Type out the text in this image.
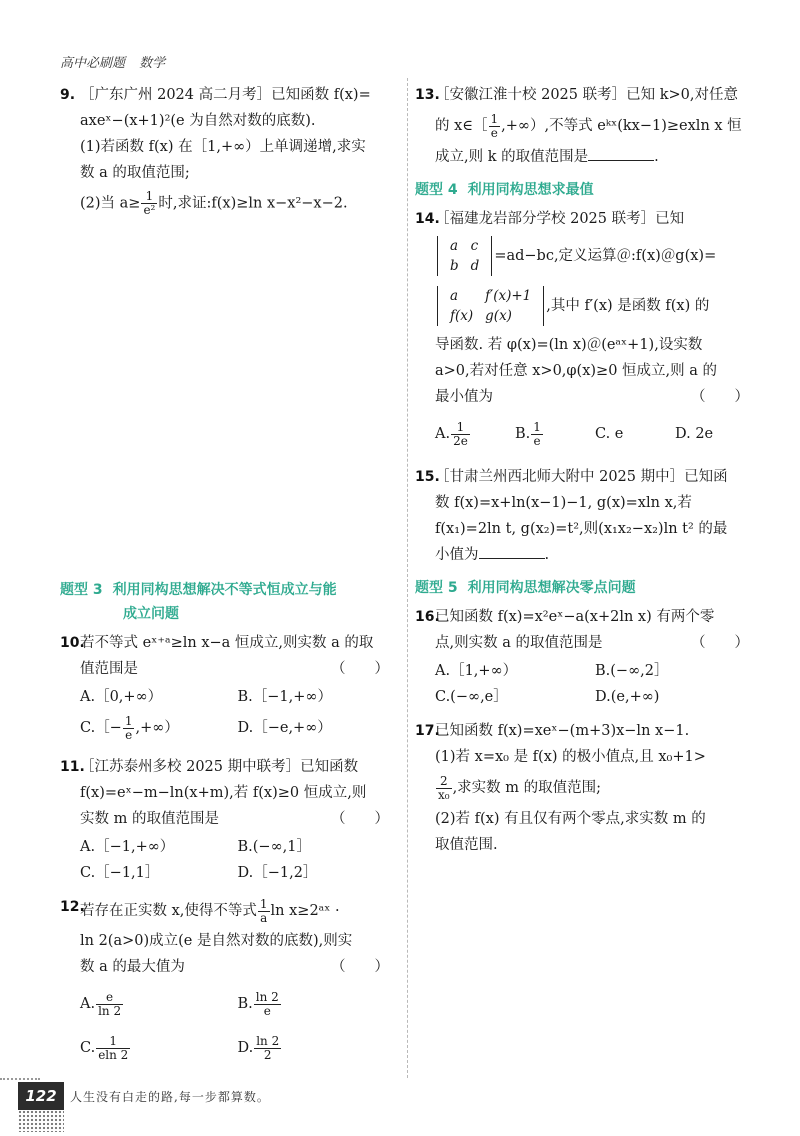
高中必刷题 数学
9. ［广东广州 2024 高二月考］已知函数 f(x)=
axeˣ−(x+1)²(e 为自然对数的底数).
(1)若函数 f(x) 在［1,+∞）上单调递增,求实
数 a 的取值范围;
(2)当 $a\ge \frac{1}{\text{e²}}$ 时,求证:f(x)≥ln x−x²−x−2.
题型 3 利用同构思想解决不等式恒成立与能
成立问题
10.
若不等式 eˣ⁺ᵃ≥ln x−a 恒成立,则实数 a 的取
值范围是	（　　）
A.［0,+∞）	B.［−1,+∞）
C.［− $\frac{1}{e}$ ,+∞）	D.［−e,+∞）
11.
［江苏泰州多校 2025 期中联考］已知函数
f(x)=eˣ−m−ln(x+m),若 f(x)≥0 恒成立,则
实数 m 的取值范围是	（　　）
A.［−1,+∞）	B.(−∞,1］
C.［−1,1］	D.［−1,2］
12.
若存在正实数 x,使得不等式 $\frac{1}{a}$ ln x≥2ᵃˣ ·
ln 2(a>0)成立(e 是自然对数的底数),则实
数 a 的最大值为	（　　）
A. $\frac{e}{\ln 2}$	B. $\frac{\ln 2}{e}$
C. $\frac{1}{eln 2}$	D. $\frac{\ln 2}{2}$
13.
［安徽江淮十校 2025 联考］已知 k>0,对任意
的 x∈［ $\frac{1}{e}$ ,+∞）,不等式 eᵏˣ(kx−1)≥exln x 恒
成立,则 k 的取值范围是	.
题型 4 利用同构思想求最值
14.
［福建龙岩部分学校 2025 联考］已知
a	c
b	d
=ad−bc,定义运算＠:f(x)＠g(x)=
a	f′(x)+1
f(x)	g(x)
,其中 f′(x) 是函数 f(x) 的
导函数. 若 φ(x)=(ln x)＠(eᵃˣ+1),设实数
a>0,若对任意 x>0,φ(x)≥0 恒成立,则 a 的
最小值为	（　　）
A. $\frac{1}{2e}$	B. $\frac{1}{e}$	C. e	D. 2e
15.
［甘肃兰州西北师大附中 2025 期中］已知函
数 f(x)=x+ln(x−1)−1, g(x)=xln x,若
f(x₁)=2ln t, g(x₂)=t²,则(x₁x₂−x₂)ln t² 的最
小值为	.
题型 5 利用同构思想解决零点问题
16.
已知函数 f(x)=x²eˣ−a(x+2ln x) 有两个零
点,则实数 a 的取值范围是	（　　）
A.［1,+∞）	B.(−∞,2］
C.(−∞,e］	D.(e,+∞)
17.
已知函数 f(x)=xeˣ−(m+3)x−ln x−1.
(1)若 x=x₀ 是 f(x) 的极小值点,且 x₀+1>
$\frac{2}{\text{x₀}}$ ,求实数 m 的取值范围;
(2)若 f(x) 有且仅有两个零点,求实数 m 的
取值范围.
122	人生没有白走的路,每一步都算数。
